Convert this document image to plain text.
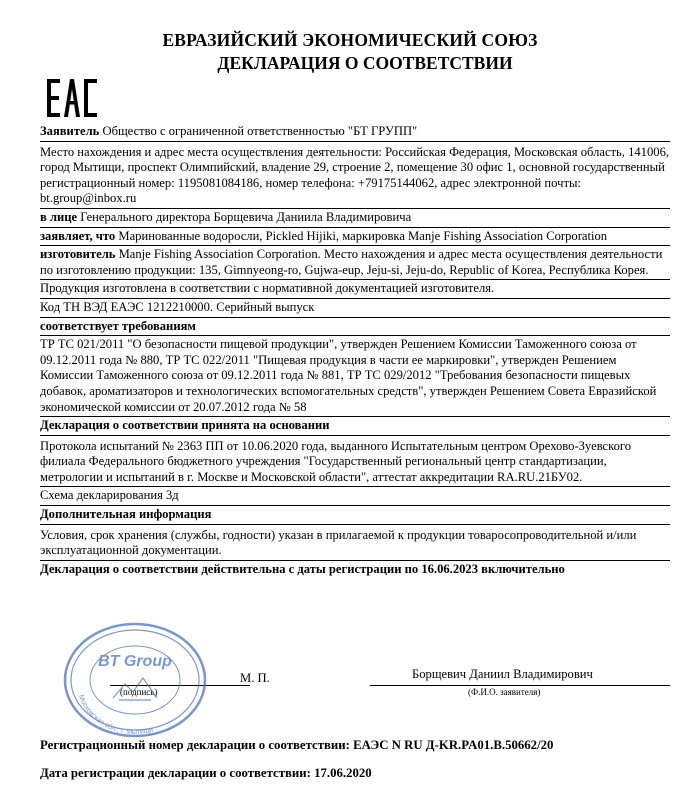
ЕВРАЗИЙСКИЙ ЭКОНОМИЧЕСКИЙ СОЮЗ
ДЕКЛАРАЦИЯ О СООТВЕТСТВИИ
Заявитель Общество с ограниченной ответственностью "БТ ГРУПП"
Место нахождения и адрес места осуществления деятельности: Российская Федерация, Московская область, 141006, город Мытищи, проспект Олимпийский, владение 29, строение 2, помещение 30 офис 1, основной государственный регистрационный номер: 1195081084186, номер телефона: +79175144062, адрес электронной почты: bt.group@inbox.ru
в лице Генерального директора Борщевича Даниила Владимировича
заявляет, что Маринованные водоросли, Pickled Hijiki, маркировка Manje Fishing Association Corporation
изготовитель Manje Fishing Association Corporation. Место нахождения и адрес места осуществления деятельности по изготовлению продукции: 135, Gimnyeong-ro, Gujwa-eup, Jeju-si, Jeju-do, Republic of Korea, Республика Корея.
Продукция изготовлена в соответствии с нормативной документацией изготовителя.
Код ТН ВЭД ЕАЭС 1212210000. Серийный выпуск
соответствует требованиям
ТР ТС 021/2011 "О безопасности пищевой продукции", утвержден Решением Комиссии Таможенного союза от 09.12.2011 года № 880, ТР ТС 022/2011 "Пищевая продукция в части ее маркировки", утвержден Решением Комиссии Таможенного союза от 09.12.2011 года № 881, ТР ТС 029/2012 "Требования безопасности пищевых добавок, ароматизаторов и технологических вспомогательных средств", утвержден Решением Совета Евразийской экономической комиссии от 20.07.2012 года № 58
Декларация о соответствии принята на основании
Протокола испытаний № 2363 ПП от 10.06.2020 года, выданного Испытательным центром Орехово-Зуевского филиала Федерального бюджетного учреждения "Государственный региональный центр стандартизации, метрологии и испытаний в г. Москве и Московской области", аттестат аккредитации RA.RU.21БУ02.
Схема декларирования 3д
Дополнительная информация
Условия, срок хранения (службы, годности) указан в прилагаемой к продукции товаросопроводительной и/или эксплуатационной документации.
Декларация о соответствии действительна с даты регистрации по 16.06.2023 включительно
М. П.	Борщевич Даниил Владимирович
(подпись)	(Ф.И.О. заявителя)
BT Group
Московская обл., г. Мытищи
Регистрационный номер декларации о соответствии: ЕАЭС N RU Д-KR.PA01.B.50662/20
Дата регистрации декларации о соответствии: 17.06.2020
